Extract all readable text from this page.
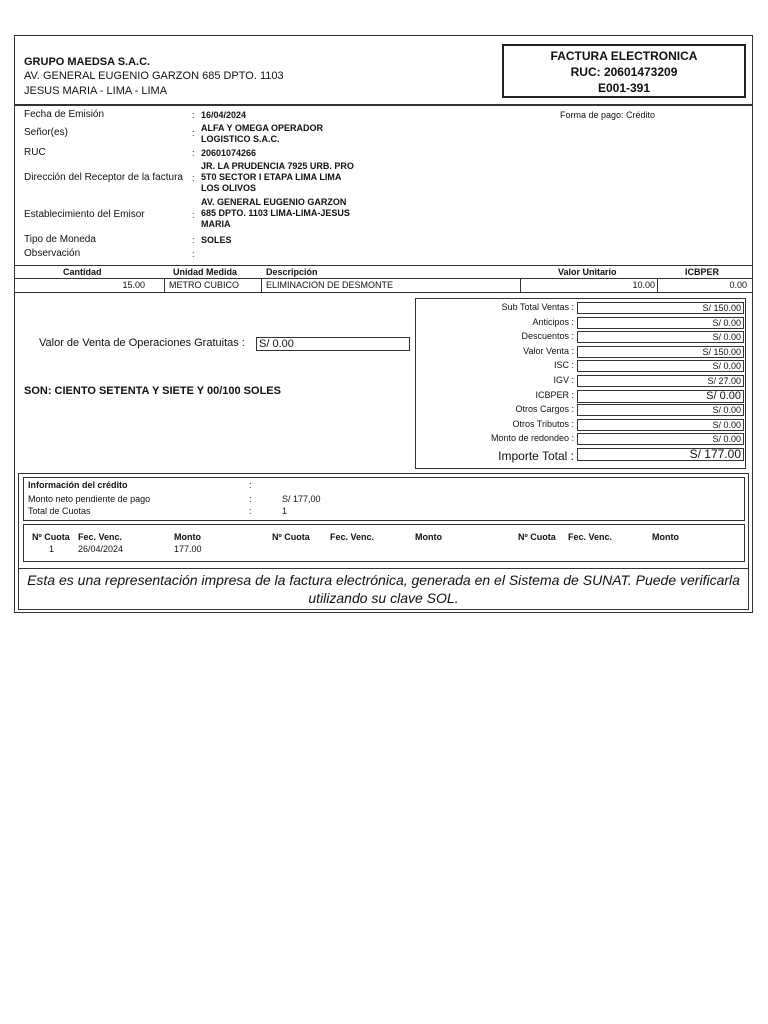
GRUPO MAEDSA S.A.C.
AV. GENERAL EUGENIO GARZON 685 DPTO. 1103
JESUS MARIA - LIMA - LIMA
FACTURA ELECTRONICA
RUC: 20601473209
E001-391
Fecha de Emisión	: 16/04/2024	Forma de pago: Crédito
Señor(es)	: ALFA Y OMEGA OPERADOR
LOGISTICO S.A.C.
RUC	: 20601074266
Dirección del Receptor de la factura :
JR. LA PRUDENCIA 7925 URB. PRO
5T0 SECTOR I ETAPA LIMA LIMA
LOS OLIVOS
Establecimiento del Emisor	:
AV. GENERAL EUGENIO GARZON
685 DPTO. 1103 LIMA-LIMA-JESUS
MARIA
Tipo de Moneda	: SOLES
Observación	:
Cantidad	Unidad Medida	Descripción	Valor Unitario	ICBPER
15.00	METRO CUBICO	ELIMINACION DE DESMONTE	10.00	0.00
Valor de Venta de Operaciones Gratuitas : S/ 0.00
SON: CIENTO SETENTA Y SIETE Y 00/100 SOLES
Sub Total Ventas :	S/ 150.00
Anticipos :	S/ 0.00
Descuentos :	S/ 0.00
Valor Venta :	S/ 150.00
ISC :	S/ 0.00
IGV :	S/ 27.00
ICBPER :	S/ 0.00
Otros Cargos :	S/ 0.00
Otros Tributos :	S/ 0.00
Monto de redondeo :	S/ 0.00
Importe Total :	S/ 177.00
Información del crédito	:
Monto neto pendiente de pago	:	S/ 177,00
Total de Cuotas	:	1
Nº Cuota Fec. Venc.	Monto	Nº Cuota Fec. Venc.	Monto	Nº Cuota Fec. Venc.	Monto
1	26/04/2024	177.00
Esta es una representación impresa de la factura electrónica, generada en el Sistema de SUNAT. Puede verificarla utilizando su clave SOL.
